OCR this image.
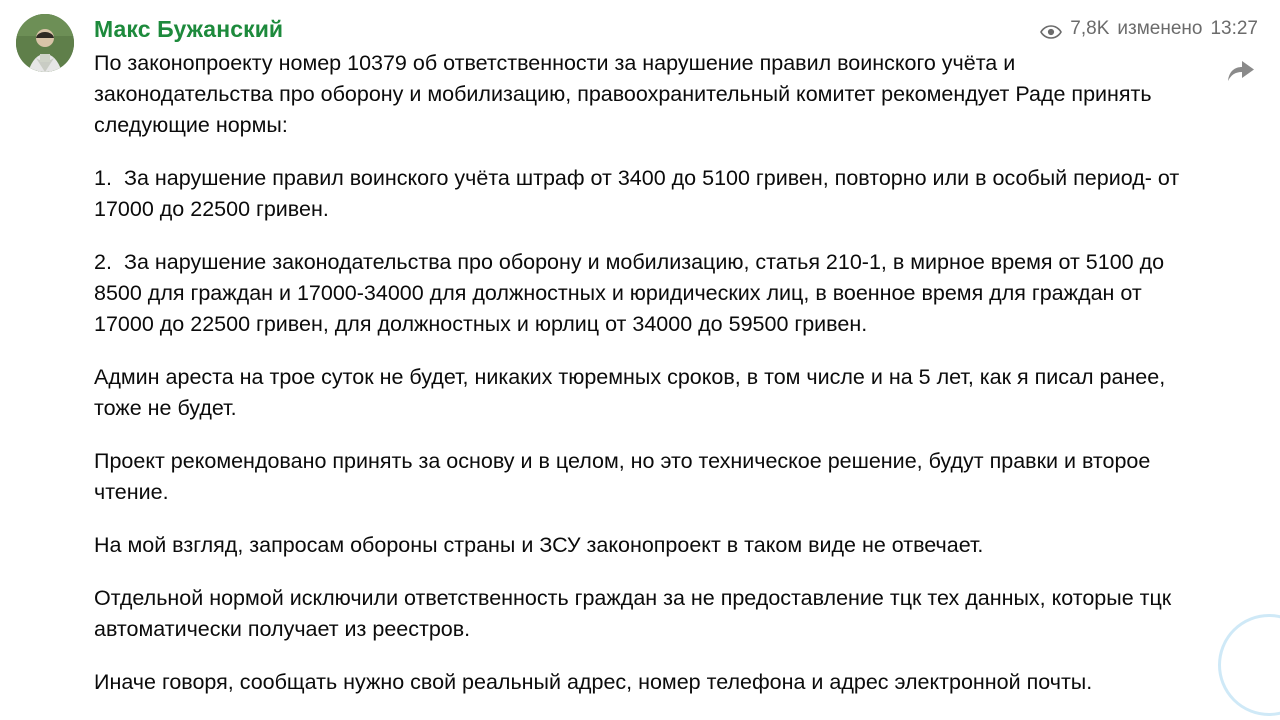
Макс Бужанский	7,8K изменено 13:27

По законопроекту номер 10379 об ответственности за нарушение правил воинского учёта и законодательства про оборону и мобилизацию, правоохранительный комитет рекомендует Раде принять следующие нормы:

1. За нарушение правил воинского учёта штраф от 3400 до 5100 гривен, повторно или в особый период- от 17000 до 22500 гривен.

2. За нарушение законодательства про оборону и мобилизацию, статья 210-1, в мирное время от 5100 до 8500 для граждан и 17000-34000 для должностных и юридических лиц, в военное время для граждан от 17000 до 22500 гривен, для должностных и юрлиц от 34000 до 59500 гривен.

Админ ареста на трое суток не будет, никаких тюремных сроков, в том числе и на 5 лет, как я писал ранее, тоже не будет.

Проект рекомендовано принять за основу и в целом, но это техническое решение, будут правки и второе чтение.

На мой взгляд, запросам обороны страны и ЗСУ законопроект в таком виде не отвечает.

Отдельной нормой исключили ответственность граждан за не предоставление тцк тех данных, которые тцк автоматически получает из реестров.

Иначе говоря, сообщать нужно свой реальный адрес, номер телефона и адрес электронной почты.
